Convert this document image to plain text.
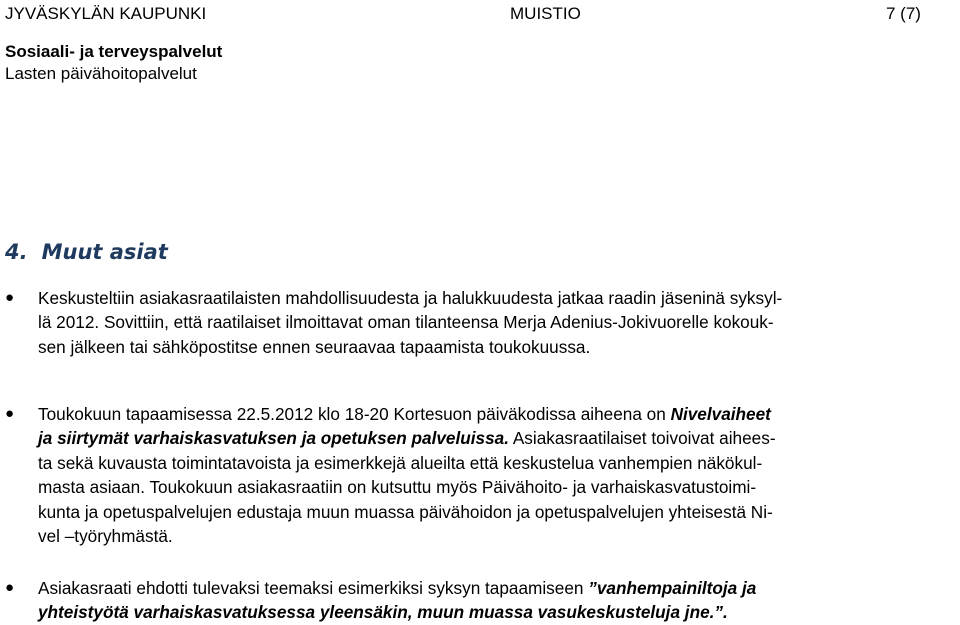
JYVÄSKYLÄN KAUPUNKI	MUISTIO	7 (7)
Sosiaali- ja terveyspalvelut
Lasten päivähoitopalvelut
4. Muut asiat
● Keskusteltiin asiakasraatilaisten mahdollisuudesta ja halukkuudesta jatkaa raadin jäseninä syksyl-
lä 2012. Sovittiin, että raatilaiset ilmoittavat oman tilanteensa Merja Adenius-Jokivuorelle kokouk-
sen jälkeen tai sähköpostitse ennen seuraavaa tapaamista toukokuussa.
● Toukokuun tapaamisessa 22.5.2012 klo 18-20 Kortesuon päiväkodissa aiheena on Nivelvaiheet
ja siirtymät varhaiskasvatuksen ja opetuksen palveluissa. Asiakasraatilaiset toivoivat aihees-
ta sekä kuvausta toimintatavoista ja esimerkkejä alueilta että keskustelua vanhempien näkökul-
masta asiaan. Toukokuun asiakasraatiin on kutsuttu myös Päivähoito- ja varhaiskasvatustoimi-
kunta ja opetuspalvelujen edustaja muun muassa päivähoidon ja opetuspalvelujen yhteisestä Ni-
vel –työryhmästä.
● Asiakasraati ehdotti tulevaksi teemaksi esimerkiksi syksyn tapaamiseen ”vanhempainiltoja ja
yhteistyötä varhaiskasvatuksessa yleensäkin, muun muassa vasukeskusteluja jne.”.
